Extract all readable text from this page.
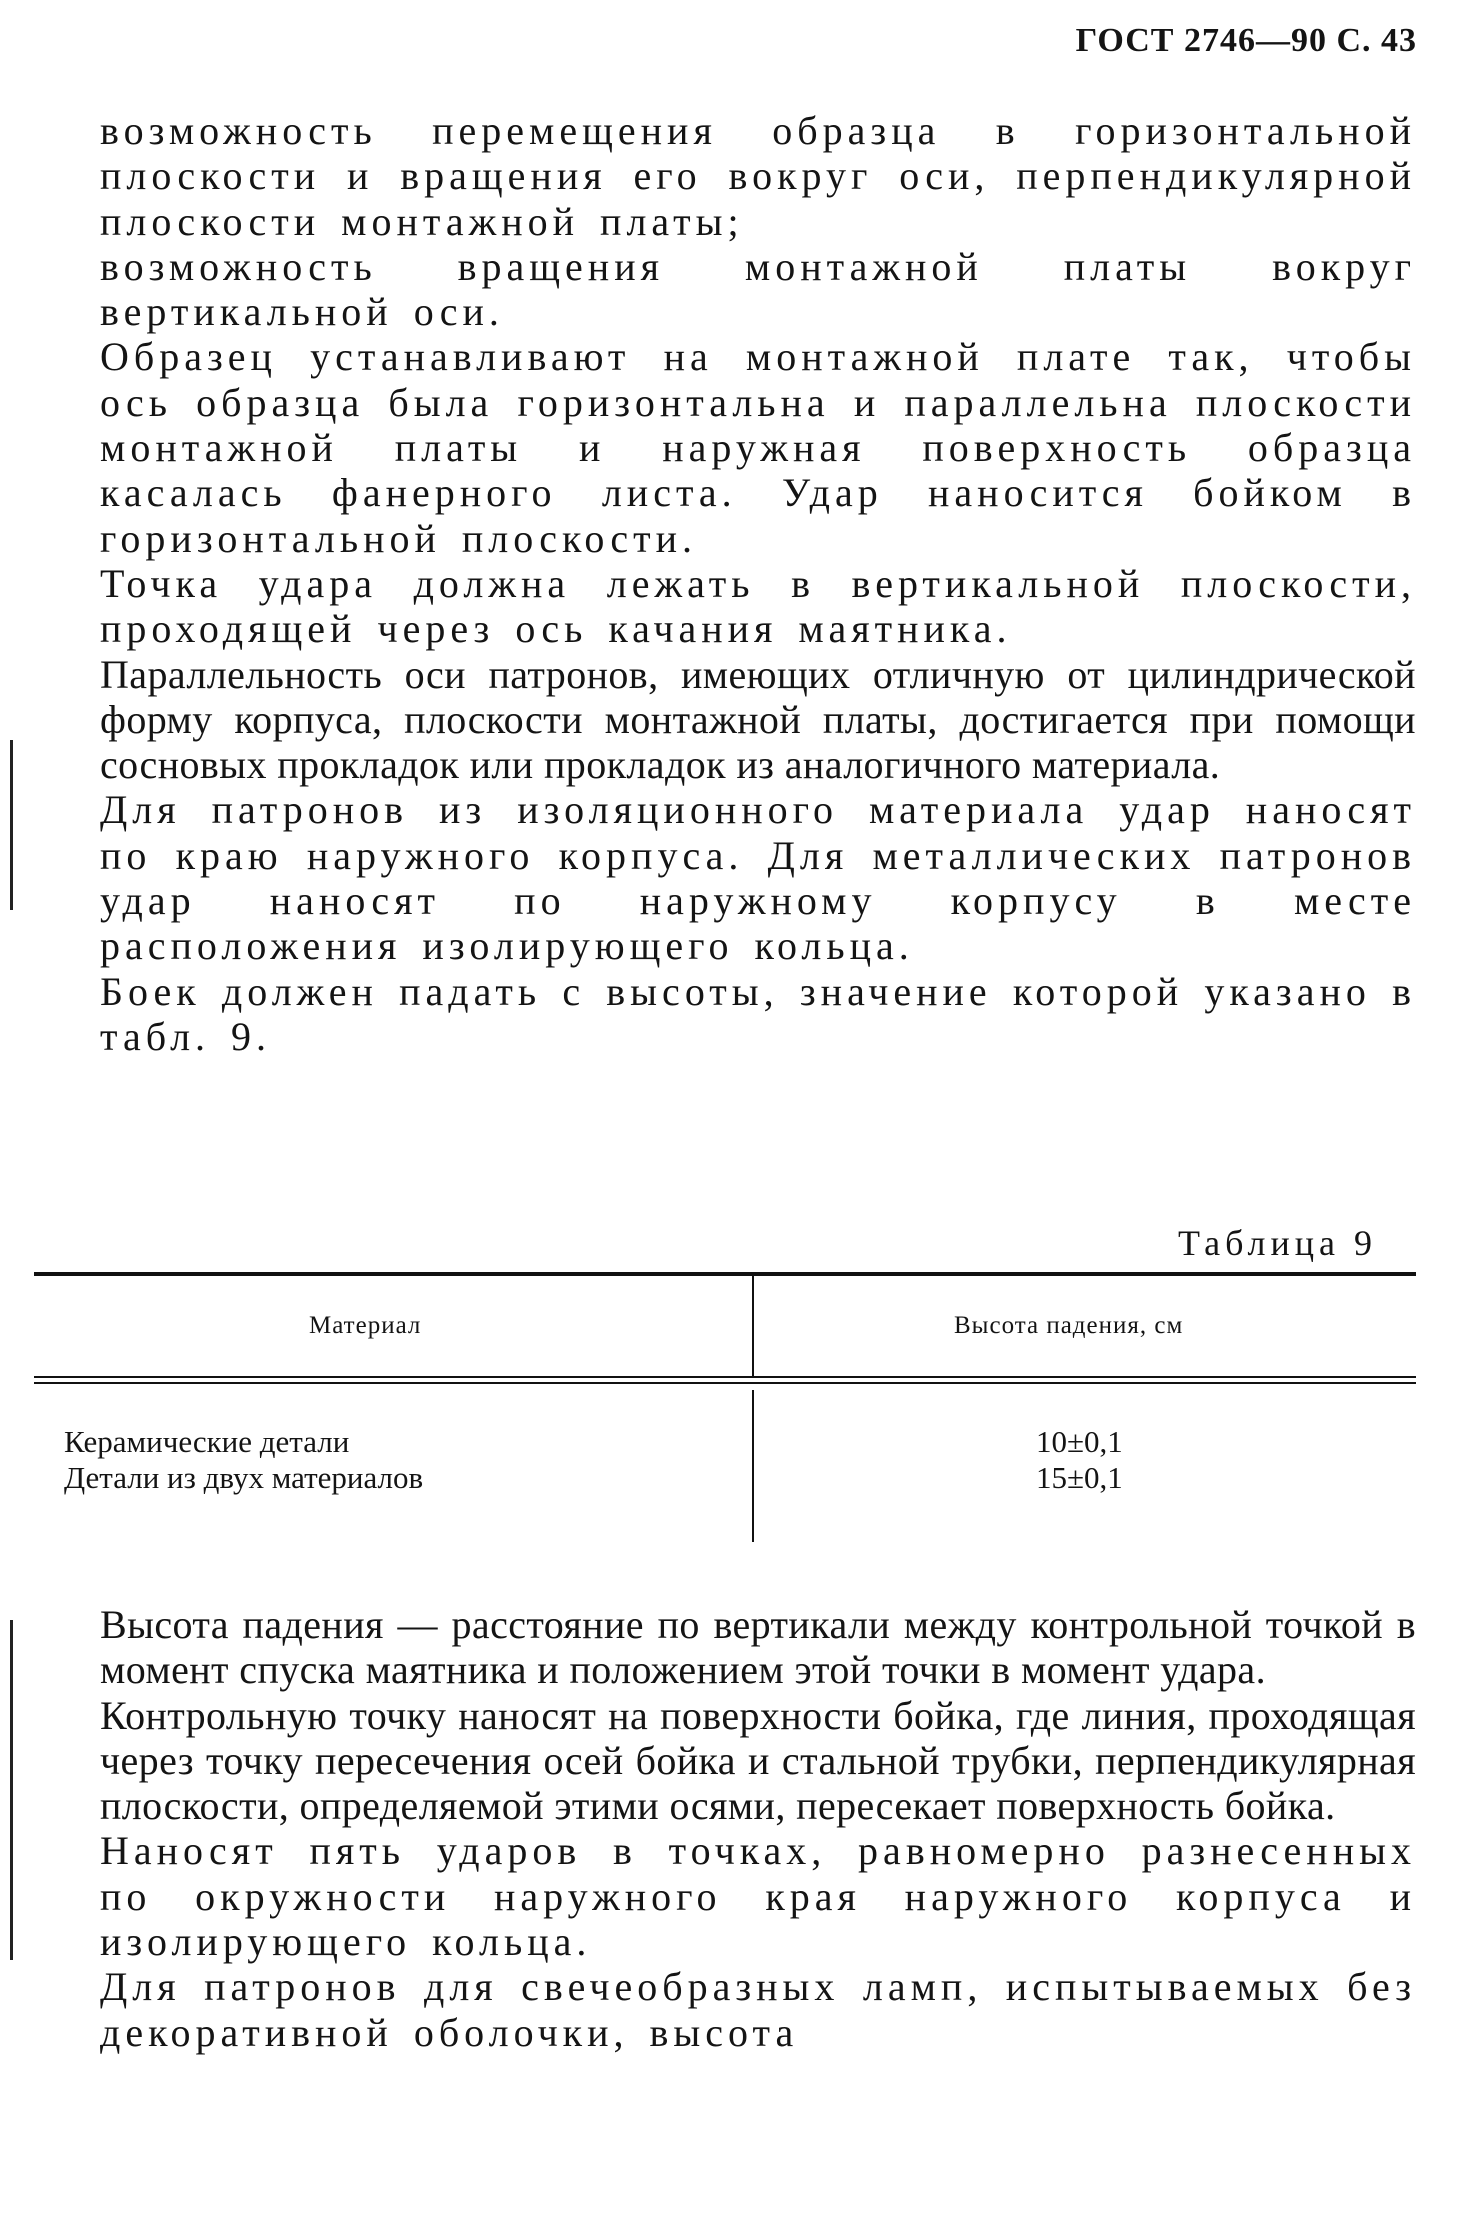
ГОСТ 2746—90 С. 43

возможность перемещения образца в горизонтальной плоскости и вращения его вокруг оси, перпендикулярной плоскости монтажной платы;

возможность вращения монтажной платы вокруг вертикальной оси.

Образец устанавливают на монтажной плате так, чтобы ось образца была горизонтальна и параллельна плоскости монтажной платы и наружная поверхность образца касалась фанерного листа. Удар наносится бойком в горизонтальной плоскости.

Точка удара должна лежать в вертикальной плоскости, проходящей через ось качания маятника.

Параллельность оси патронов, имеющих отличную от цилиндрической форму корпуса, плоскости монтажной платы, достигается при помощи сосновых прокладок или прокладок из аналогичного материала.

Для патронов из изоляционного материала удар наносят по краю наружного корпуса. Для металлических патронов удар наносят по наружному корпусу в месте расположения изолирующего кольца.

Боек должен падать с высоты, значение которой указано в табл. 9.

Таблица 9
Материал	Высота падения, см
Керамические детали	10±0,1
Детали из двух материалов	15±0,1

Высота падения — расстояние по вертикали между контрольной точкой в момент спуска маятника и положением этой точки в момент удара.

Контрольную точку наносят на поверхности бойка, где линия, проходящая через точку пересечения осей бойка и стальной трубки, перпендикулярная плоскости, определяемой этими осями, пересекает поверхность бойка.

Наносят пять ударов в точках, равномерно разнесенных по окружности наружного края наружного корпуса и изолирующего кольца.

Для патронов для свечеобразных ламп, испытываемых без декоративной оболочки, высота
